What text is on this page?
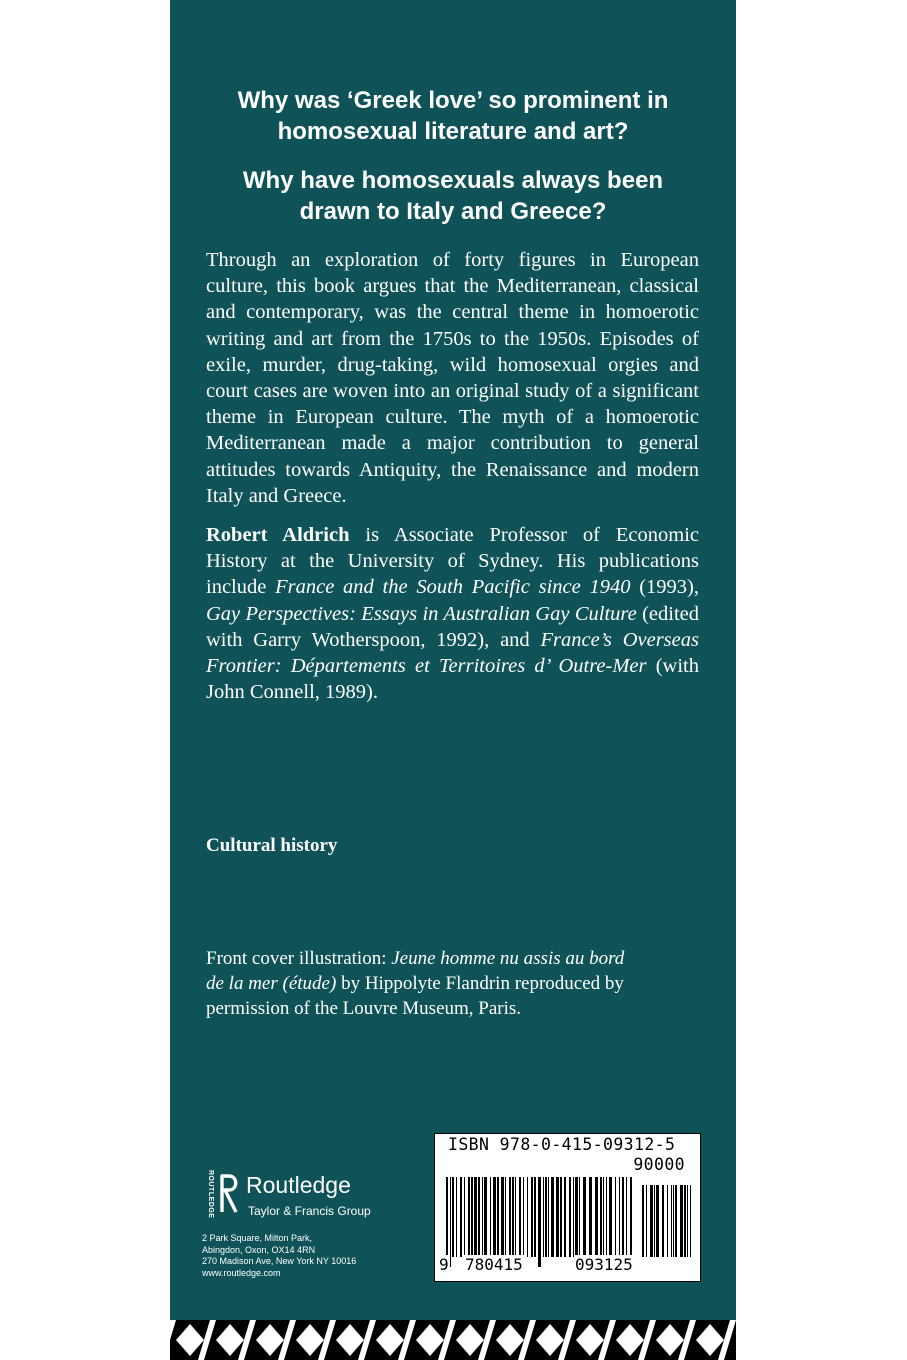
Why was ‘Greek love’ so prominent in
homosexual literature and art?
Why have homosexuals always been
drawn to Italy and Greece?

Through an exploration of forty figures in European culture, this book argues that the Mediterranean, classical and contemporary, was the central theme in homoerotic writing and art from the 1750s to the 1950s. Episodes of exile, murder, drug-taking, wild homosexual orgies and court cases are woven into an original study of a significant theme in European culture. The myth of a homoerotic Mediterranean made a major contribution to general attitudes towards Antiquity, the Renaissance and modern Italy and Greece.

Robert Aldrich is Associate Professor of Economic History at the University of Sydney. His publications include France and the South Pacific since 1940 (1993), Gay Perspectives: Essays in Australian Gay Culture (edited with Garry Wotherspoon, 1992), and France’s Overseas Frontier: Départements et Territoires d’ Outre-Mer (with John Connell, 1989).

Cultural history

Front cover illustration: Jeune homme nu assis au bord de la mer (étude) by Hippolyte Flandrin reproduced by permission of the Louvre Museum, Paris.

ROUTLEDGE Routledge
Taylor & Francis Group
2 Park Square, Milton Park,
Abingdon, Oxon, OX14 4RN
270 Madison Ave, New York NY 10016
www.routledge.com
ISBN 978-0-415-09312-5
90000
9 780415	093125
